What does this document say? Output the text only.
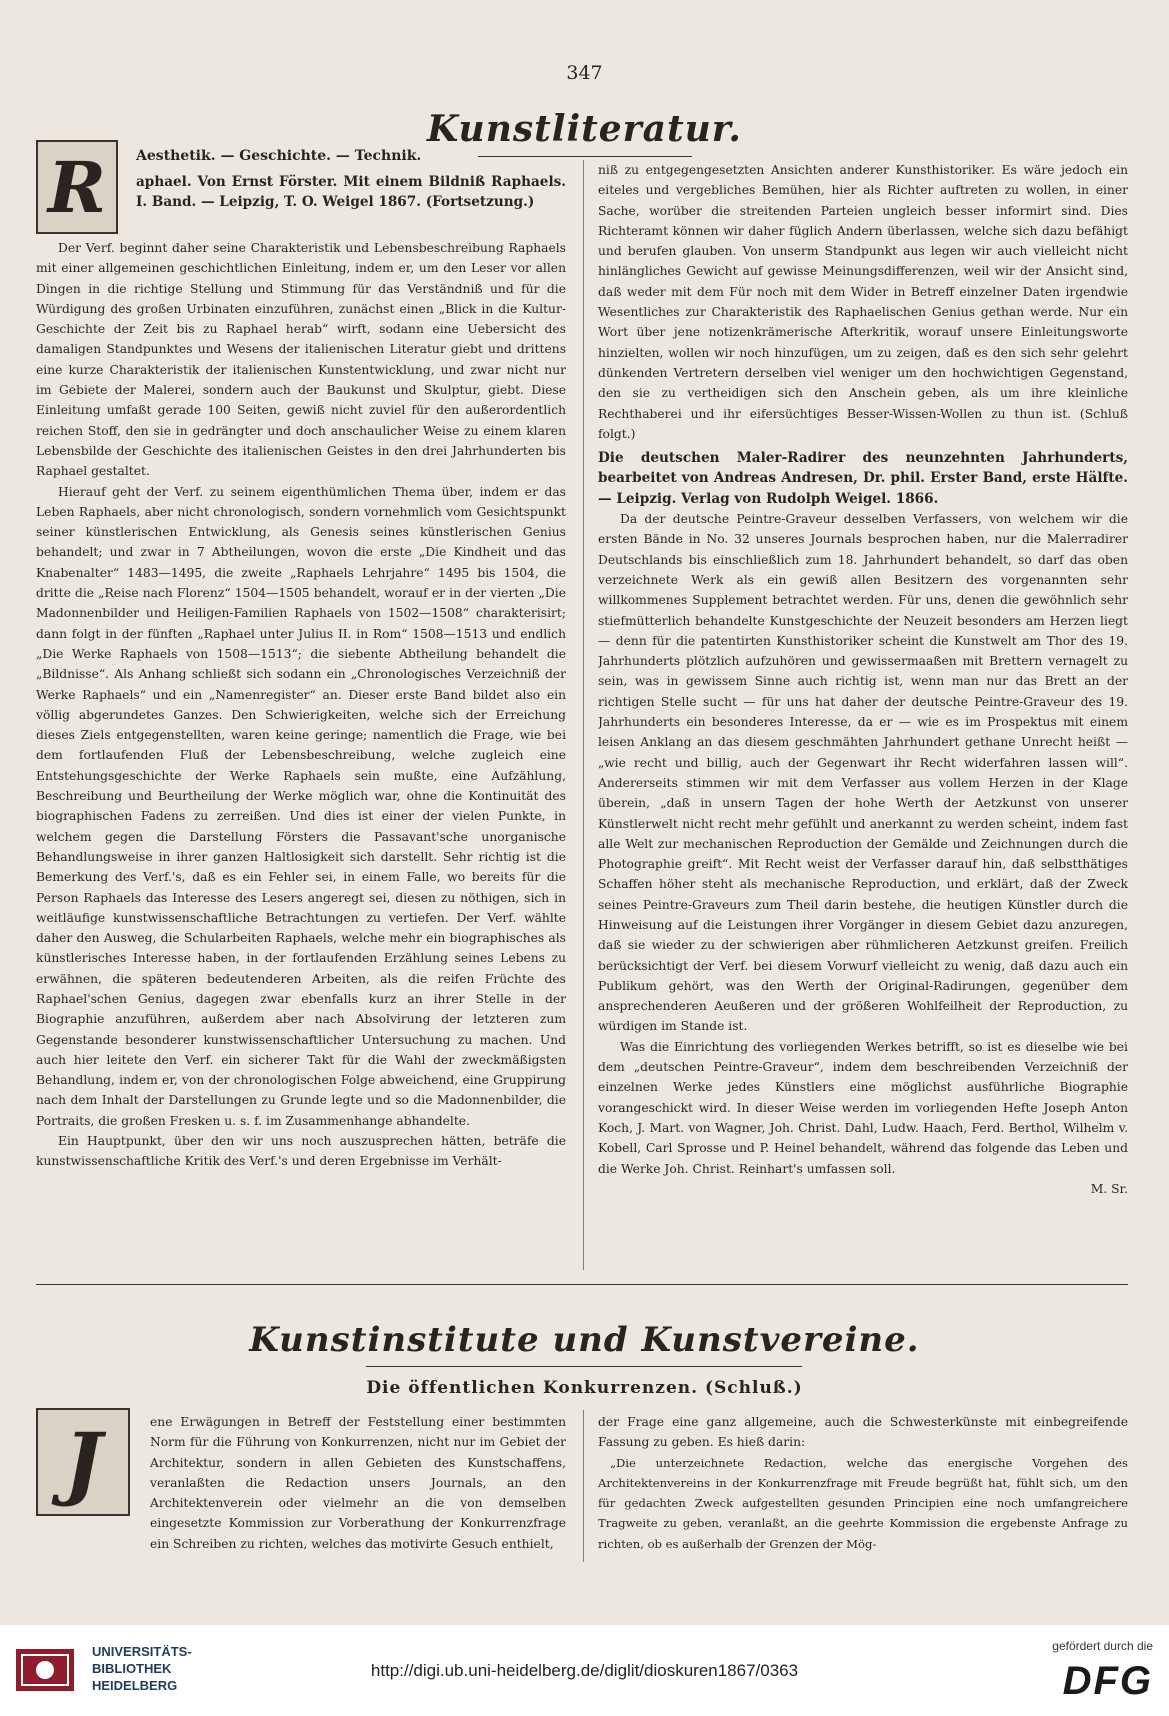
347
Kunstliteratur.
R	Aesthetik. — Geschichte. — Technik.

aphael. Von Ernst Förster. Mit einem Bildniß Raphaels. I. Band. — Leipzig, T. O. Weigel 1867. (Fortsetzung.)

Der Verf. beginnt daher seine Charakteristik und Lebensbeschreibung Raphaels mit einer allgemeinen geschichtlichen Einleitung, indem er, um den Leser vor allen Dingen in die richtige Stellung und Stimmung für das Verständniß und für die Würdigung des großen Urbinaten einzuführen, zunächst einen „Blick in die Kultur-Geschichte der Zeit bis zu Raphael herab“ wirft, sodann eine Uebersicht des damaligen Standpunktes und Wesens der italienischen Literatur giebt und drittens eine kurze Charakteristik der italienischen Kunstentwicklung, und zwar nicht nur im Gebiete der Malerei, sondern auch der Baukunst und Skulptur, giebt. Diese Einleitung umfaßt gerade 100 Seiten, gewiß nicht zuviel für den außerordentlich reichen Stoff, den sie in gedrängter und doch anschaulicher Weise zu einem klaren Lebensbilde der Geschichte des italienischen Geistes in den drei Jahrhunderten bis Raphael gestaltet.

Hierauf geht der Verf. zu seinem eigenthümlichen Thema über, indem er das Leben Raphaels, aber nicht chronologisch, sondern vornehmlich vom Gesichtspunkt seiner künstlerischen Entwicklung, als Genesis seines künstlerischen Genius behandelt; und zwar in 7 Abtheilungen, wovon die erste „Die Kindheit und das Knabenalter“ 1483—1495, die zweite „Raphaels Lehrjahre“ 1495 bis 1504, die dritte die „Reise nach Florenz“ 1504—1505 behandelt, worauf er in der vierten „Die Madonnenbilder und Heiligen-Familien Raphaels von 1502—1508“ charakterisirt; dann folgt in der fünften „Raphael unter Julius II. in Rom“ 1508—1513 und endlich „Die Werke Raphaels von 1508—1513“; die siebente Abtheilung behandelt die „Bildnisse“. Als Anhang schließt sich sodann ein „Chronologisches Verzeichniß der Werke Raphaels“ und ein „Namenregister“ an. Dieser erste Band bildet also ein völlig abgerundetes Ganzes. Den Schwierigkeiten, welche sich der Erreichung dieses Ziels entgegenstellten, waren keine geringe; namentlich die Frage, wie bei dem fortlaufenden Fluß der Lebensbeschreibung, welche zugleich eine Entstehungsgeschichte der Werke Raphaels sein mußte, eine Aufzählung, Beschreibung und Beurtheilung der Werke möglich war, ohne die Kontinuität des biographischen Fadens zu zerreißen. Und dies ist einer der vielen Punkte, in welchem gegen die Darstellung Försters die Passavant'sche unorganische Behandlungsweise in ihrer ganzen Haltlosigkeit sich darstellt. Sehr richtig ist die Bemerkung des Verf.'s, daß es ein Fehler sei, in einem Falle, wo bereits für die Person Raphaels das Interesse des Lesers angeregt sei, diesen zu nöthigen, sich in weitläufige kunstwissenschaftliche Betrachtungen zu vertiefen. Der Verf. wählte daher den Ausweg, die Schularbeiten Raphaels, welche mehr ein biographisches als künstlerisches Interesse haben, in der fortlaufenden Erzählung seines Lebens zu erwähnen, die späteren bedeutenderen Arbeiten, als die reifen Früchte des Raphael'schen Genius, dagegen zwar ebenfalls kurz an ihrer Stelle in der Biographie anzuführen, außerdem aber nach Absolvirung der letzteren zum Gegenstande besonderer kunstwissenschaftlicher Untersuchung zu machen. Und auch hier leitete den Verf. ein sicherer Takt für die Wahl der zweckmäßigsten Behandlung, indem er, von der chronologischen Folge abweichend, eine Gruppirung nach dem Inhalt der Darstellungen zu Grunde legte und so die Madonnenbilder, die Portraits, die großen Fresken u. s. f. im Zusammenhange abhandelte.

Ein Hauptpunkt, über den wir uns noch auszusprechen hätten, beträfe die kunstwissenschaftliche Kritik des Verf.'s und deren Ergebnisse im Verhält-

niß zu entgegengesetzten Ansichten anderer Kunsthistoriker. Es wäre jedoch ein eiteles und vergebliches Bemühen, hier als Richter auftreten zu wollen, in einer Sache, worüber die streitenden Parteien ungleich besser informirt sind. Dies Richteramt können wir daher füglich Andern überlassen, welche sich dazu befähigt und berufen glauben. Von unserm Standpunkt aus legen wir auch vielleicht nicht hinlängliches Gewicht auf gewisse Meinungsdifferenzen, weil wir der Ansicht sind, daß weder mit dem Für noch mit dem Wider in Betreff einzelner Daten irgendwie Wesentliches zur Charakteristik des Raphaelischen Genius gethan werde. Nur ein Wort über jene notizenkrämerische Afterkritik, worauf unsere Einleitungsworte hinzielten, wollen wir noch hinzufügen, um zu zeigen, daß es den sich sehr gelehrt dünkenden Vertretern derselben viel weniger um den hochwichtigen Gegenstand, den sie zu vertheidigen sich den Anschein geben, als um ihre kleinliche Rechthaberei und ihr eifersüchtiges Besser-Wissen-Wollen zu thun ist. (Schluß folgt.)

Die deutschen Maler-Radirer des neunzehnten Jahrhunderts, bearbeitet von Andreas Andresen, Dr. phil. Erster Band, erste Hälfte. — Leipzig. Verlag von Rudolph Weigel. 1866.

Da der deutsche Peintre-Graveur desselben Verfassers, von welchem wir die ersten Bände in No. 32 unseres Journals besprochen haben, nur die Malerradirer Deutschlands bis einschließlich zum 18. Jahrhundert behandelt, so darf das oben verzeichnete Werk als ein gewiß allen Besitzern des vorgenannten sehr willkommenes Supplement betrachtet werden. Für uns, denen die gewöhnlich sehr stiefmütterlich behandelte Kunstgeschichte der Neuzeit besonders am Herzen liegt — denn für die patentirten Kunsthistoriker scheint die Kunstwelt am Thor des 19. Jahrhunderts plötzlich aufzuhören und gewissermaaßen mit Brettern vernagelt zu sein, was in gewissem Sinne auch richtig ist, wenn man nur das Brett an der richtigen Stelle sucht — für uns hat daher der deutsche Peintre-Graveur des 19. Jahrhunderts ein besonderes Interesse, da er — wie es im Prospektus mit einem leisen Anklang an das diesem geschmähten Jahrhundert gethane Unrecht heißt — „wie recht und billig, auch der Gegenwart ihr Recht widerfahren lassen will“. Andererseits stimmen wir mit dem Verfasser aus vollem Herzen in der Klage überein, „daß in unsern Tagen der hohe Werth der Aetzkunst von unserer Künstlerwelt nicht recht mehr gefühlt und anerkannt zu werden scheint, indem fast alle Welt zur mechanischen Reproduction der Gemälde und Zeichnungen durch die Photographie greift“. Mit Recht weist der Verfasser darauf hin, daß selbstthätiges Schaffen höher steht als mechanische Reproduction, und erklärt, daß der Zweck seines Peintre-Graveurs zum Theil darin bestehe, die heutigen Künstler durch die Hinweisung auf die Leistungen ihrer Vorgänger in diesem Gebiet dazu anzuregen, daß sie wieder zu der schwierigen aber rühmlicheren Aetzkunst greifen. Freilich berücksichtigt der Verf. bei diesem Vorwurf vielleicht zu wenig, daß dazu auch ein Publikum gehört, was den Werth der Original-Radirungen, gegenüber dem ansprechenderen Aeußeren und der größeren Wohlfeilheit der Reproduction, zu würdigen im Stande ist.

Was die Einrichtung des vorliegenden Werkes betrifft, so ist es dieselbe wie bei dem „deutschen Peintre-Graveur“, indem dem beschreibenden Verzeichniß der einzelnen Werke jedes Künstlers eine möglichst ausführliche Biographie vorangeschickt wird. In dieser Weise werden im vorliegenden Hefte Joseph Anton Koch, J. Mart. von Wagner, Joh. Christ. Dahl, Ludw. Haach, Ferd. Berthol, Wilhelm v. Kobell, Carl Sprosse und P. Heinel behandelt, während das folgende das Leben und die Werke Joh. Christ. Reinhart's umfassen soll.

M. Sr.
Kunstinstitute und Kunstvereine.
Die öffentlichen Konkurrenzen. (Schluß.)
J	ene Erwägungen in Betreff der Feststellung einer bestimmten Norm für die Führung von Konkurrenzen, nicht nur im Gebiet der Architektur, sondern in allen Gebieten des Kunstschaffens, veranlaßten die Redaction unsers Journals, an den Architektenverein oder vielmehr an die von demselben eingesetzte Kommission zur Vorberathung der Konkurrenzfrage ein Schreiben zu richten, welches das motivirte Gesuch enthielt,

der Frage eine ganz allgemeine, auch die Schwesterkünste mit einbegreifende Fassung zu geben. Es hieß darin:

„Die unterzeichnete Redaction, welche das energische Vorgehen des Architektenvereins in der Konkurrenzfrage mit Freude begrüßt hat, fühlt sich, um den für gedachten Zweck aufgestellten gesunden Principien eine noch umfangreichere Tragweite zu geben, veranlaßt, an die geehrte Kommission die ergebenste Anfrage zu richten, ob es außerhalb der Grenzen der Mög-

UNIVERSITÄTS-
BIBLIOTHEK
HEIDELBERG
http://digi.ub.uni-heidelberg.de/diglit/dioskuren1867/0363
gefördert durch die
DFG
